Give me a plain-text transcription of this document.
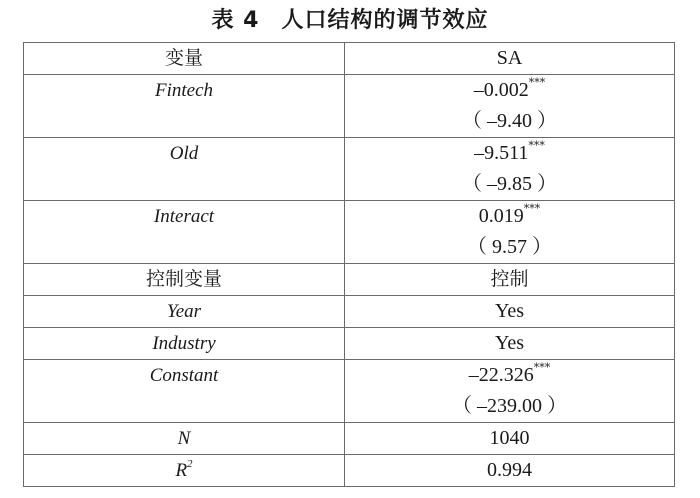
表 4 人口结构的调节效应
变量	SA
Fintech	–0.002***
（ –9.40 ）

Old	–9.511***
（ –9.85 ）

Interact	0.019***
（ 9.57 ）

控制变量	控制
Year	Yes
Industry	Yes
Constant	–22.326***
（ –239.00 ）

N	1040
$R^2$	0.994
